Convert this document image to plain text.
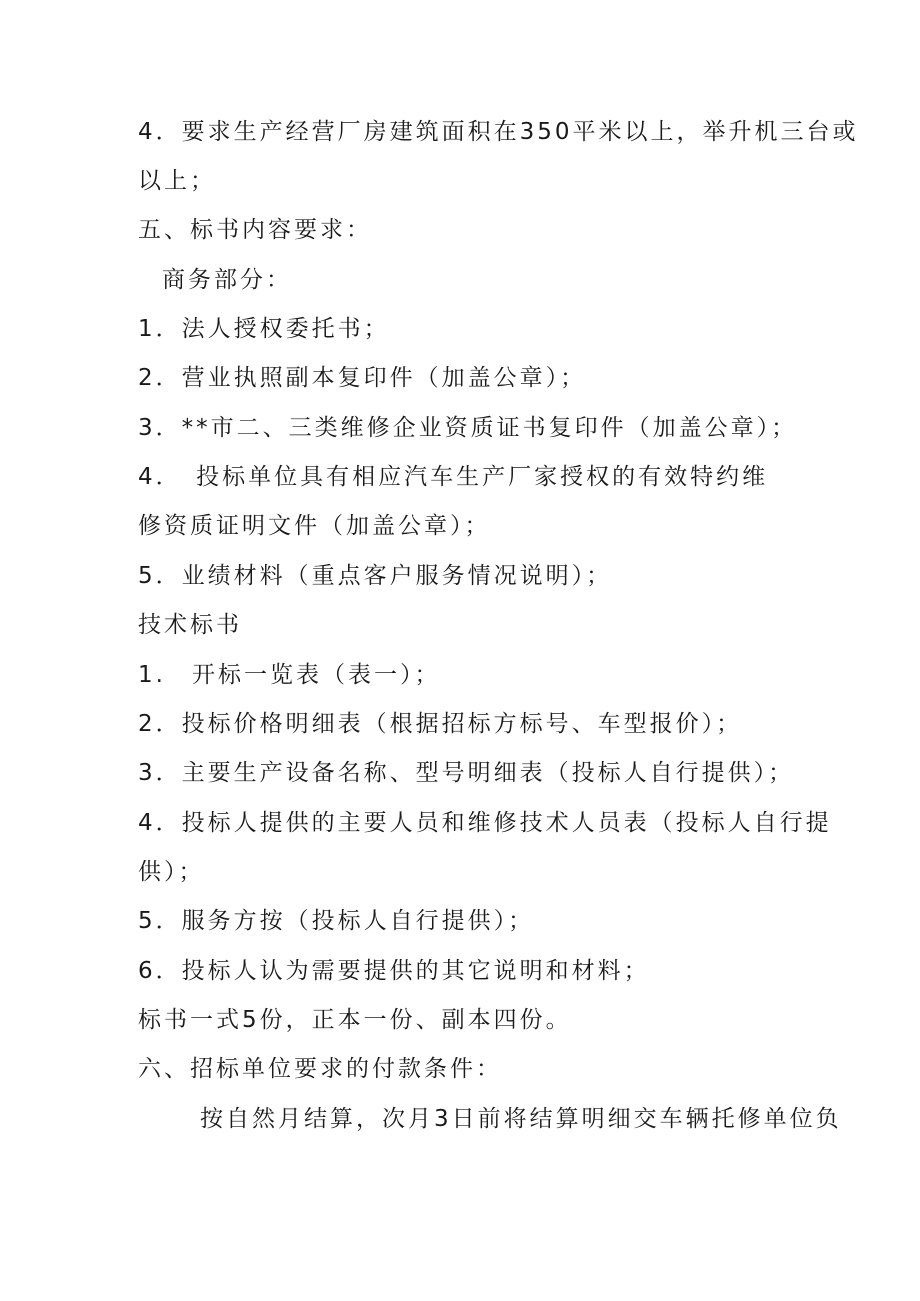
4．要求生产经营厂房建筑面积在350平米以上，举升机三台或
以上；
五、标书内容要求：
商务部分：
1．法人授权委托书；
2．营业执照副本复印件（加盖公章）；
3．**市二、三类维修企业资质证书复印件（加盖公章）；
4．　投标单位具有相应汽车生产厂家授权的有效特约维
修资质证明文件（加盖公章）；
5．业绩材料（重点客户服务情况说明）；
技术标书
1.　开标一览表（表一）；
2．投标价格明细表（根据招标方标号、车型报价）；
3．主要生产设备名称、型号明细表（投标人自行提供）；
4．投标人提供的主要人员和维修技术人员表（投标人自行提
供）；
5．服务方按（投标人自行提供）；
6．投标人认为需要提供的其它说明和材料；
标书一式5份，正本一份、副本四份。
六、招标单位要求的付款条件：
按自然月结算，次月3日前将结算明细交车辆托修单位负
